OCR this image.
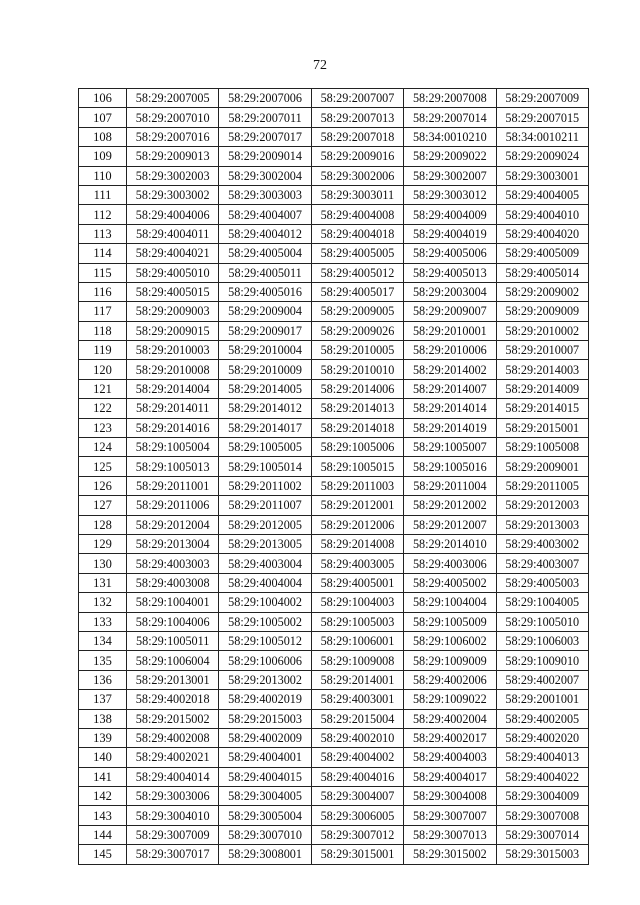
72
106	58:29:2007005	58:29:2007006	58:29:2007007	58:29:2007008	58:29:2007009
107	58:29:2007010	58:29:2007011	58:29:2007013	58:29:2007014	58:29:2007015
108	58:29:2007016	58:29:2007017	58:29:2007018	58:34:0010210	58:34:0010211
109	58:29:2009013	58:29:2009014	58:29:2009016	58:29:2009022	58:29:2009024
110	58:29:3002003	58:29:3002004	58:29:3002006	58:29:3002007	58:29:3003001
111	58:29:3003002	58:29:3003003	58:29:3003011	58:29:3003012	58:29:4004005
112	58:29:4004006	58:29:4004007	58:29:4004008	58:29:4004009	58:29:4004010
113	58:29:4004011	58:29:4004012	58:29:4004018	58:29:4004019	58:29:4004020
114	58:29:4004021	58:29:4005004	58:29:4005005	58:29:4005006	58:29:4005009
115	58:29:4005010	58:29:4005011	58:29:4005012	58:29:4005013	58:29:4005014
116	58:29:4005015	58:29:4005016	58:29:4005017	58:29:2003004	58:29:2009002
117	58:29:2009003	58:29:2009004	58:29:2009005	58:29:2009007	58:29:2009009
118	58:29:2009015	58:29:2009017	58:29:2009026	58:29:2010001	58:29:2010002
119	58:29:2010003	58:29:2010004	58:29:2010005	58:29:2010006	58:29:2010007
120	58:29:2010008	58:29:2010009	58:29:2010010	58:29:2014002	58:29:2014003
121	58:29:2014004	58:29:2014005	58:29:2014006	58:29:2014007	58:29:2014009
122	58:29:2014011	58:29:2014012	58:29:2014013	58:29:2014014	58:29:2014015
123	58:29:2014016	58:29:2014017	58:29:2014018	58:29:2014019	58:29:2015001
124	58:29:1005004	58:29:1005005	58:29:1005006	58:29:1005007	58:29:1005008
125	58:29:1005013	58:29:1005014	58:29:1005015	58:29:1005016	58:29:2009001
126	58:29:2011001	58:29:2011002	58:29:2011003	58:29:2011004	58:29:2011005
127	58:29:2011006	58:29:2011007	58:29:2012001	58:29:2012002	58:29:2012003
128	58:29:2012004	58:29:2012005	58:29:2012006	58:29:2012007	58:29:2013003
129	58:29:2013004	58:29:2013005	58:29:2014008	58:29:2014010	58:29:4003002
130	58:29:4003003	58:29:4003004	58:29:4003005	58:29:4003006	58:29:4003007
131	58:29:4003008	58:29:4004004	58:29:4005001	58:29:4005002	58:29:4005003
132	58:29:1004001	58:29:1004002	58:29:1004003	58:29:1004004	58:29:1004005
133	58:29:1004006	58:29:1005002	58:29:1005003	58:29:1005009	58:29:1005010
134	58:29:1005011	58:29:1005012	58:29:1006001	58:29:1006002	58:29:1006003
135	58:29:1006004	58:29:1006006	58:29:1009008	58:29:1009009	58:29:1009010
136	58:29:2013001	58:29:2013002	58:29:2014001	58:29:4002006	58:29:4002007
137	58:29:4002018	58:29:4002019	58:29:4003001	58:29:1009022	58:29:2001001
138	58:29:2015002	58:29:2015003	58:29:2015004	58:29:4002004	58:29:4002005
139	58:29:4002008	58:29:4002009	58:29:4002010	58:29:4002017	58:29:4002020
140	58:29:4002021	58:29:4004001	58:29:4004002	58:29:4004003	58:29:4004013
141	58:29:4004014	58:29:4004015	58:29:4004016	58:29:4004017	58:29:4004022
142	58:29:3003006	58:29:3004005	58:29:3004007	58:29:3004008	58:29:3004009
143	58:29:3004010	58:29:3005004	58:29:3006005	58:29:3007007	58:29:3007008
144	58:29:3007009	58:29:3007010	58:29:3007012	58:29:3007013	58:29:3007014
145	58:29:3007017	58:29:3008001	58:29:3015001	58:29:3015002	58:29:3015003
